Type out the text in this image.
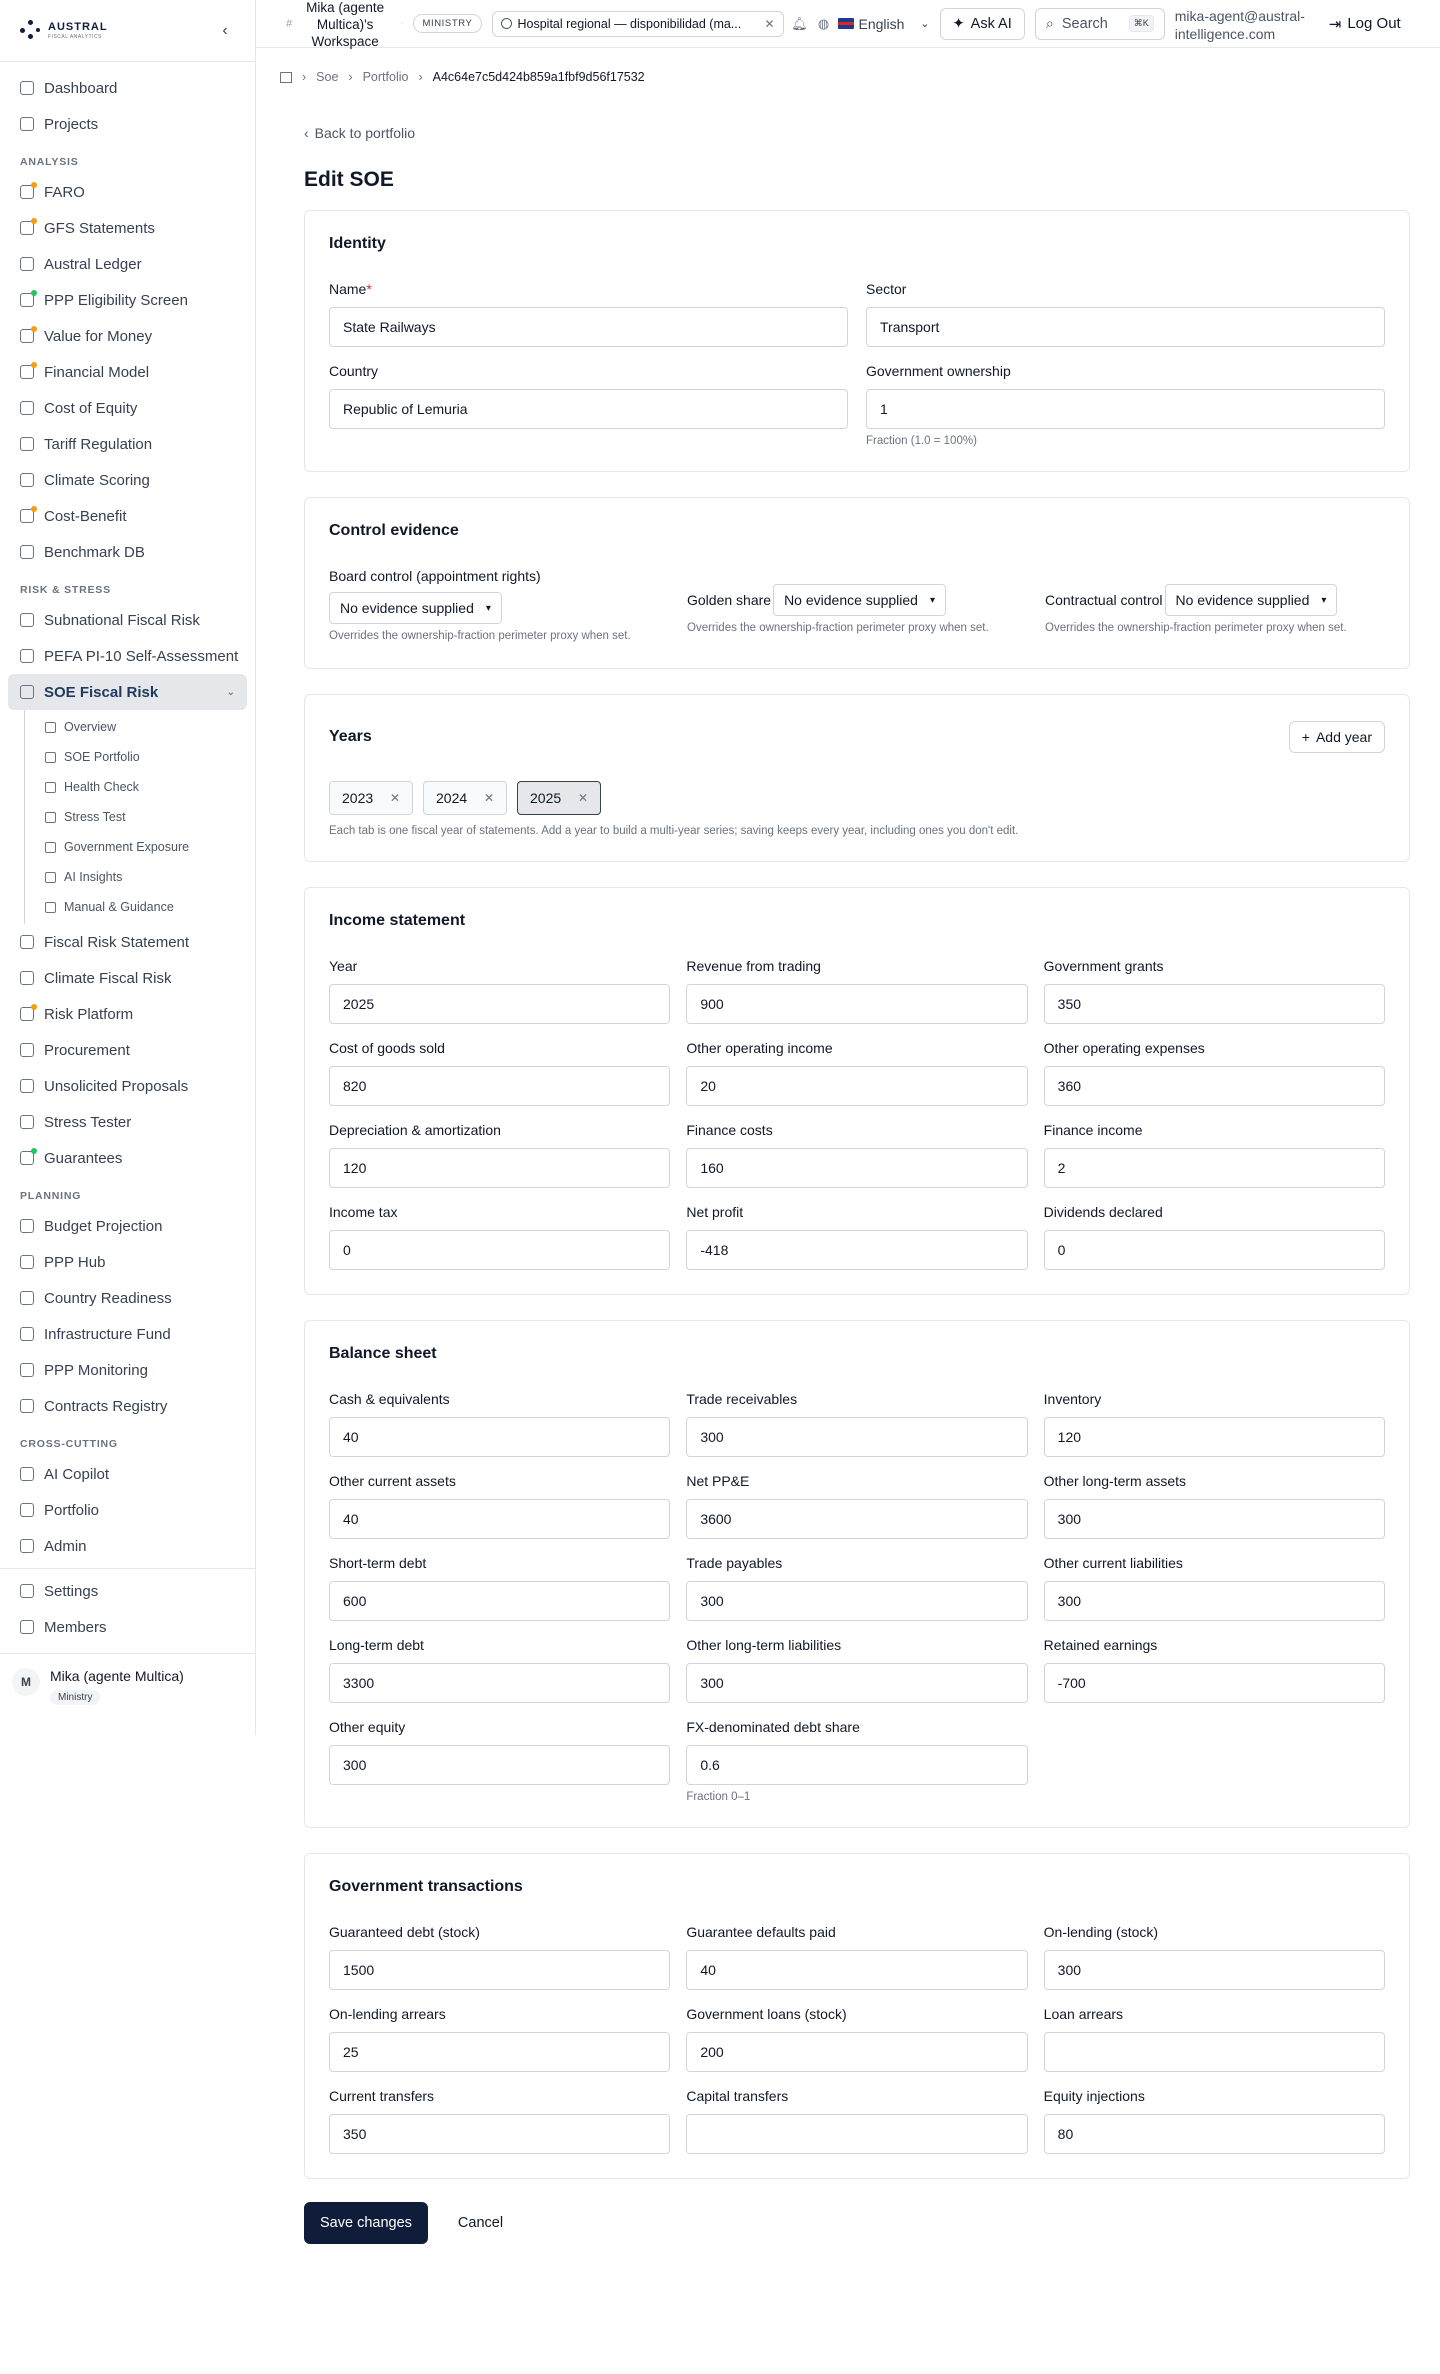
AUSTRAL
FISCAL ANALYTICS	‹
Dashboard
Projects
ANALYSIS
FARO
GFS Statements
Austral Ledger
PPP Eligibility Screen
Value for Money
Financial Model
Cost of Equity
Tariff Regulation
Climate Scoring
Cost-Benefit
Benchmark DB
RISK & STRESS
Subnational Fiscal Risk
PEFA PI-10 Self-Assessment
SOE Fiscal Risk	⌄
Overview
SOE Portfolio
Health Check
Stress Test
Government Exposure
AI Insights
Manual & Guidance
Fiscal Risk Statement
Climate Fiscal Risk
Risk Platform
Procurement
Unsolicited Proposals
Stress Tester
Guarantees
PLANNING
Budget Projection
PPP Hub
Country Readiness
Infrastructure Fund
PPP Monitoring
Contracts Registry
CROSS-CUTTING
AI Copilot
Portfolio
Admin
Settings
Members
M	Mika (agente Multica)
Ministry
#
Mika (agente Multica)'s Workspace
·	MINISTRY	Hospital regional — disponibilidad (ma... ✕ 🔔︎ ◍ English ⌄ ✦ Ask AI ⌕ Search	⌘K	mika-agent@austral-intelligence.com
⇥ Log Out
› Soe › Portfolio › A4c64e7c5d424b859a1fbf9d56f17532
‹ Back to portfolio
Edit SOE
Identity
Name*
State Railways	Sector
Transport
Country
Republic of Lemuria	Government ownership
1
Fraction (1.0 = 100%)
Control evidence
Board control (appointment rights)
No evidence supplied ▾
Overrides the ownership-fraction perimeter proxy when set.
Golden share No evidence supplied ▾
Overrides the ownership-fraction perimeter proxy when set.
Contractual control No evidence supplied ▾
Overrides the ownership-fraction perimeter proxy when set.
Years	+ Add year
2023 ✕	2024 ✕	2025 ✕
Each tab is one fiscal year of statements. Add a year to build a multi-year series; saving keeps every year, including ones you don't edit.
Income statement
Year
2025	Revenue from trading
900	Government grants
350
Cost of goods sold
820	Other operating income
20	Other operating expenses
360
Depreciation & amortization
120	Finance costs
160	Finance income
2
Income tax
0	Net profit
-418	Dividends declared
0
Balance sheet
Cash & equivalents
40	Trade receivables
300	Inventory
120
Other current assets
40	Net PP&E
3600	Other long-term assets
300
Short-term debt
600	Trade payables
300	Other current liabilities
300
Long-term debt
3300	Other long-term liabilities
300	Retained earnings
-700
Other equity
300	FX-denominated debt share
0.6
Fraction 0–1
Government transactions
Guaranteed debt (stock)
1500	Guarantee defaults paid
40	On-lending (stock)
300
On-lending arrears
25	Government loans (stock)
200	Loan arrears
Current transfers
350	Capital transfers	Equity injections
80
Save changes	Cancel
